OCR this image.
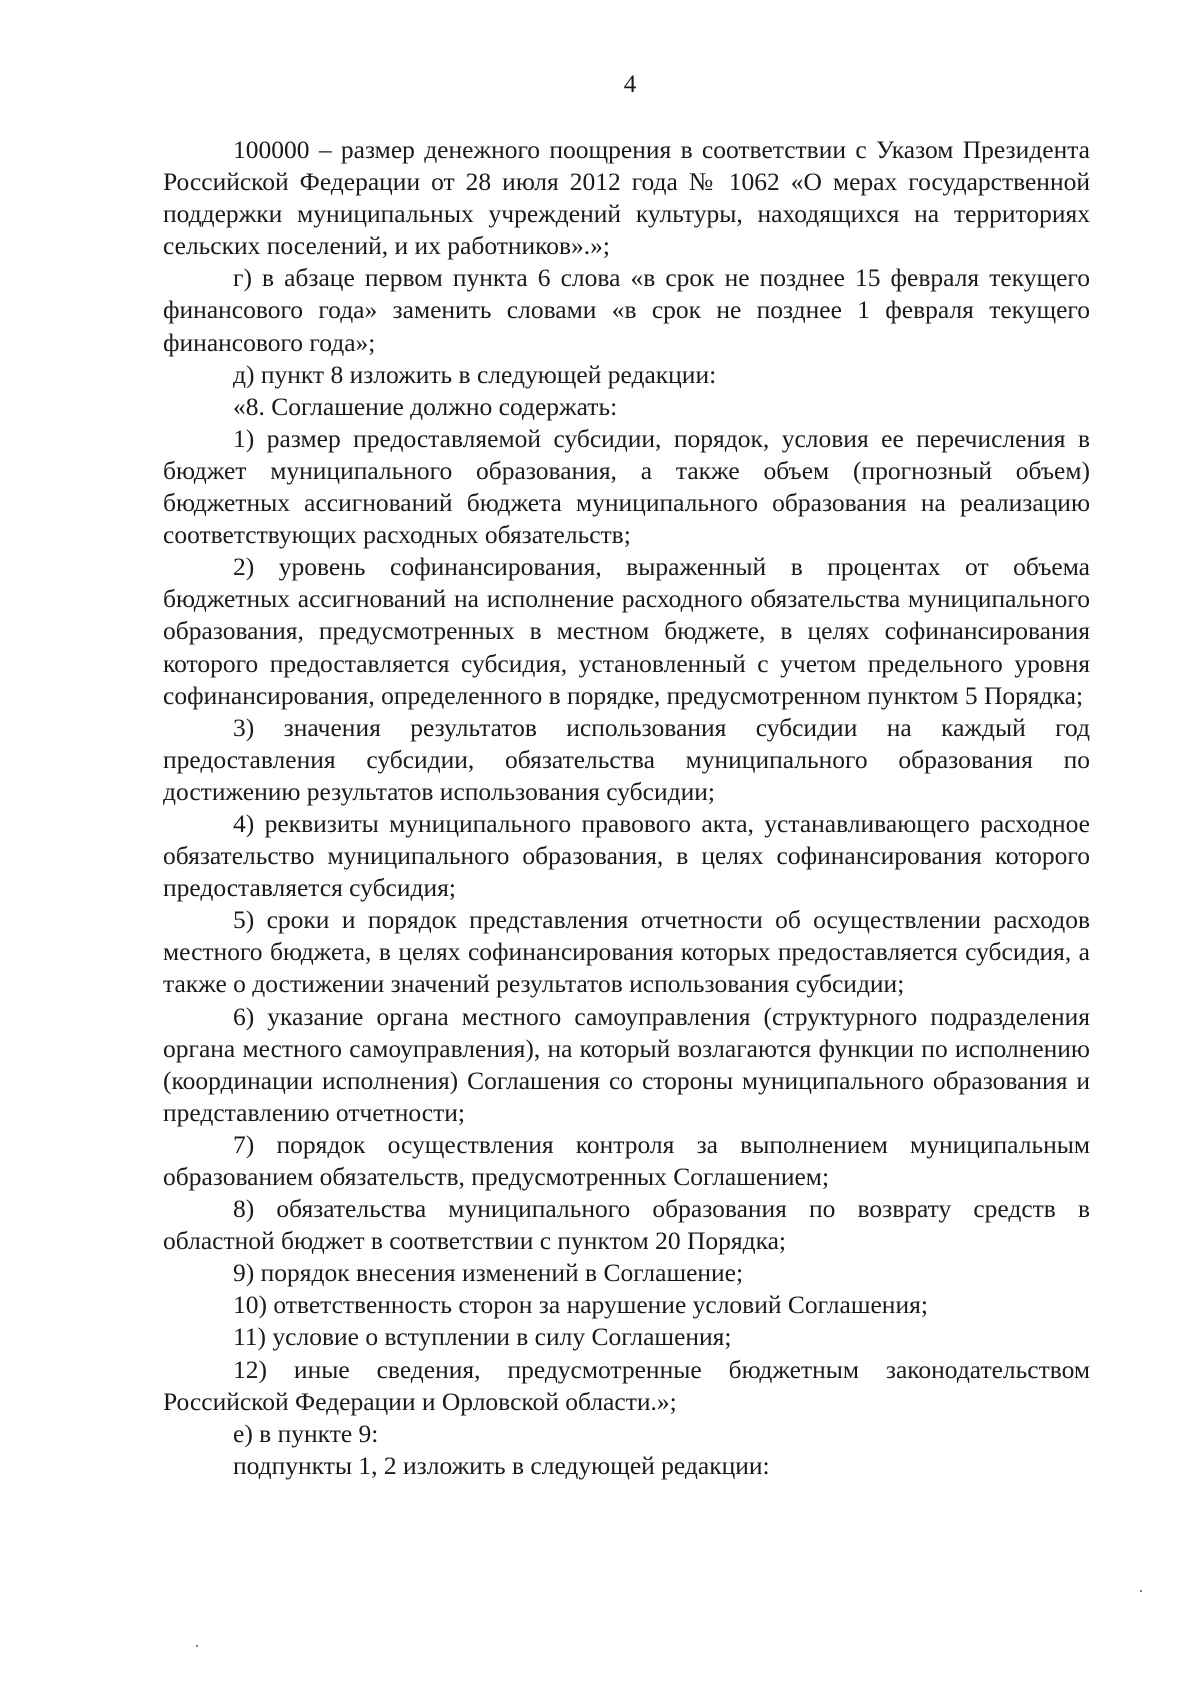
4

100000 – размер денежного поощрения в соответствии с Указом Президента Российской Федерации от 28 июля 2012 года № 1062 «О мерах государственной поддержки муниципальных учреждений культуры, находящихся на территориях сельских поселений, и их работников».»;

г) в абзаце первом пункта 6 слова «в срок не позднее 15 февраля текущего финансового года» заменить словами «в срок не позднее 1 февраля текущего финансового года»;

д) пункт 8 изложить в следующей редакции:

«8. Соглашение должно содержать:

1) размер предоставляемой субсидии, порядок, условия ее перечисления в бюджет муниципального образования, а также объем (прогнозный объем) бюджетных ассигнований бюджета муниципального образования на реализацию соответствующих расходных обязательств;

2) уровень софинансирования, выраженный в процентах от объема бюджетных ассигнований на исполнение расходного обязательства муниципального образования, предусмотренных в местном бюджете, в целях софинансирования которого предоставляется субсидия, установленный с учетом предельного уровня софинансирования, определенного в порядке, предусмотренном пунктом 5 Порядка;

3) значения результатов использования субсидии на каждый год предоставления субсидии, обязательства муниципального образования по достижению результатов использования субсидии;

4) реквизиты муниципального правового акта, устанавливающего расходное обязательство муниципального образования, в целях софинансирования которого предоставляется субсидия;

5) сроки и порядок представления отчетности об осуществлении расходов местного бюджета, в целях софинансирования которых предоставляется субсидия, а также о достижении значений результатов использования субсидии;

6) указание органа местного самоуправления (структурного подразделения органа местного самоуправления), на который возлагаются функции по исполнению (координации исполнения) Соглашения со стороны муниципального образования и представлению отчетности;

7) порядок осуществления контроля за выполнением муниципальным образованием обязательств, предусмотренных Соглашением;

8) обязательства муниципального образования по возврату средств в областной бюджет в соответствии с пунктом 20 Порядка;

9) порядок внесения изменений в Соглашение;

10) ответственность сторон за нарушение условий Соглашения;

11) условие о вступлении в силу Соглашения;

12) иные сведения, предусмотренные бюджетным законодательством Российской Федерации и Орловской области.»;

е) в пункте 9:

подпункты 1, 2 изложить в следующей редакции:
